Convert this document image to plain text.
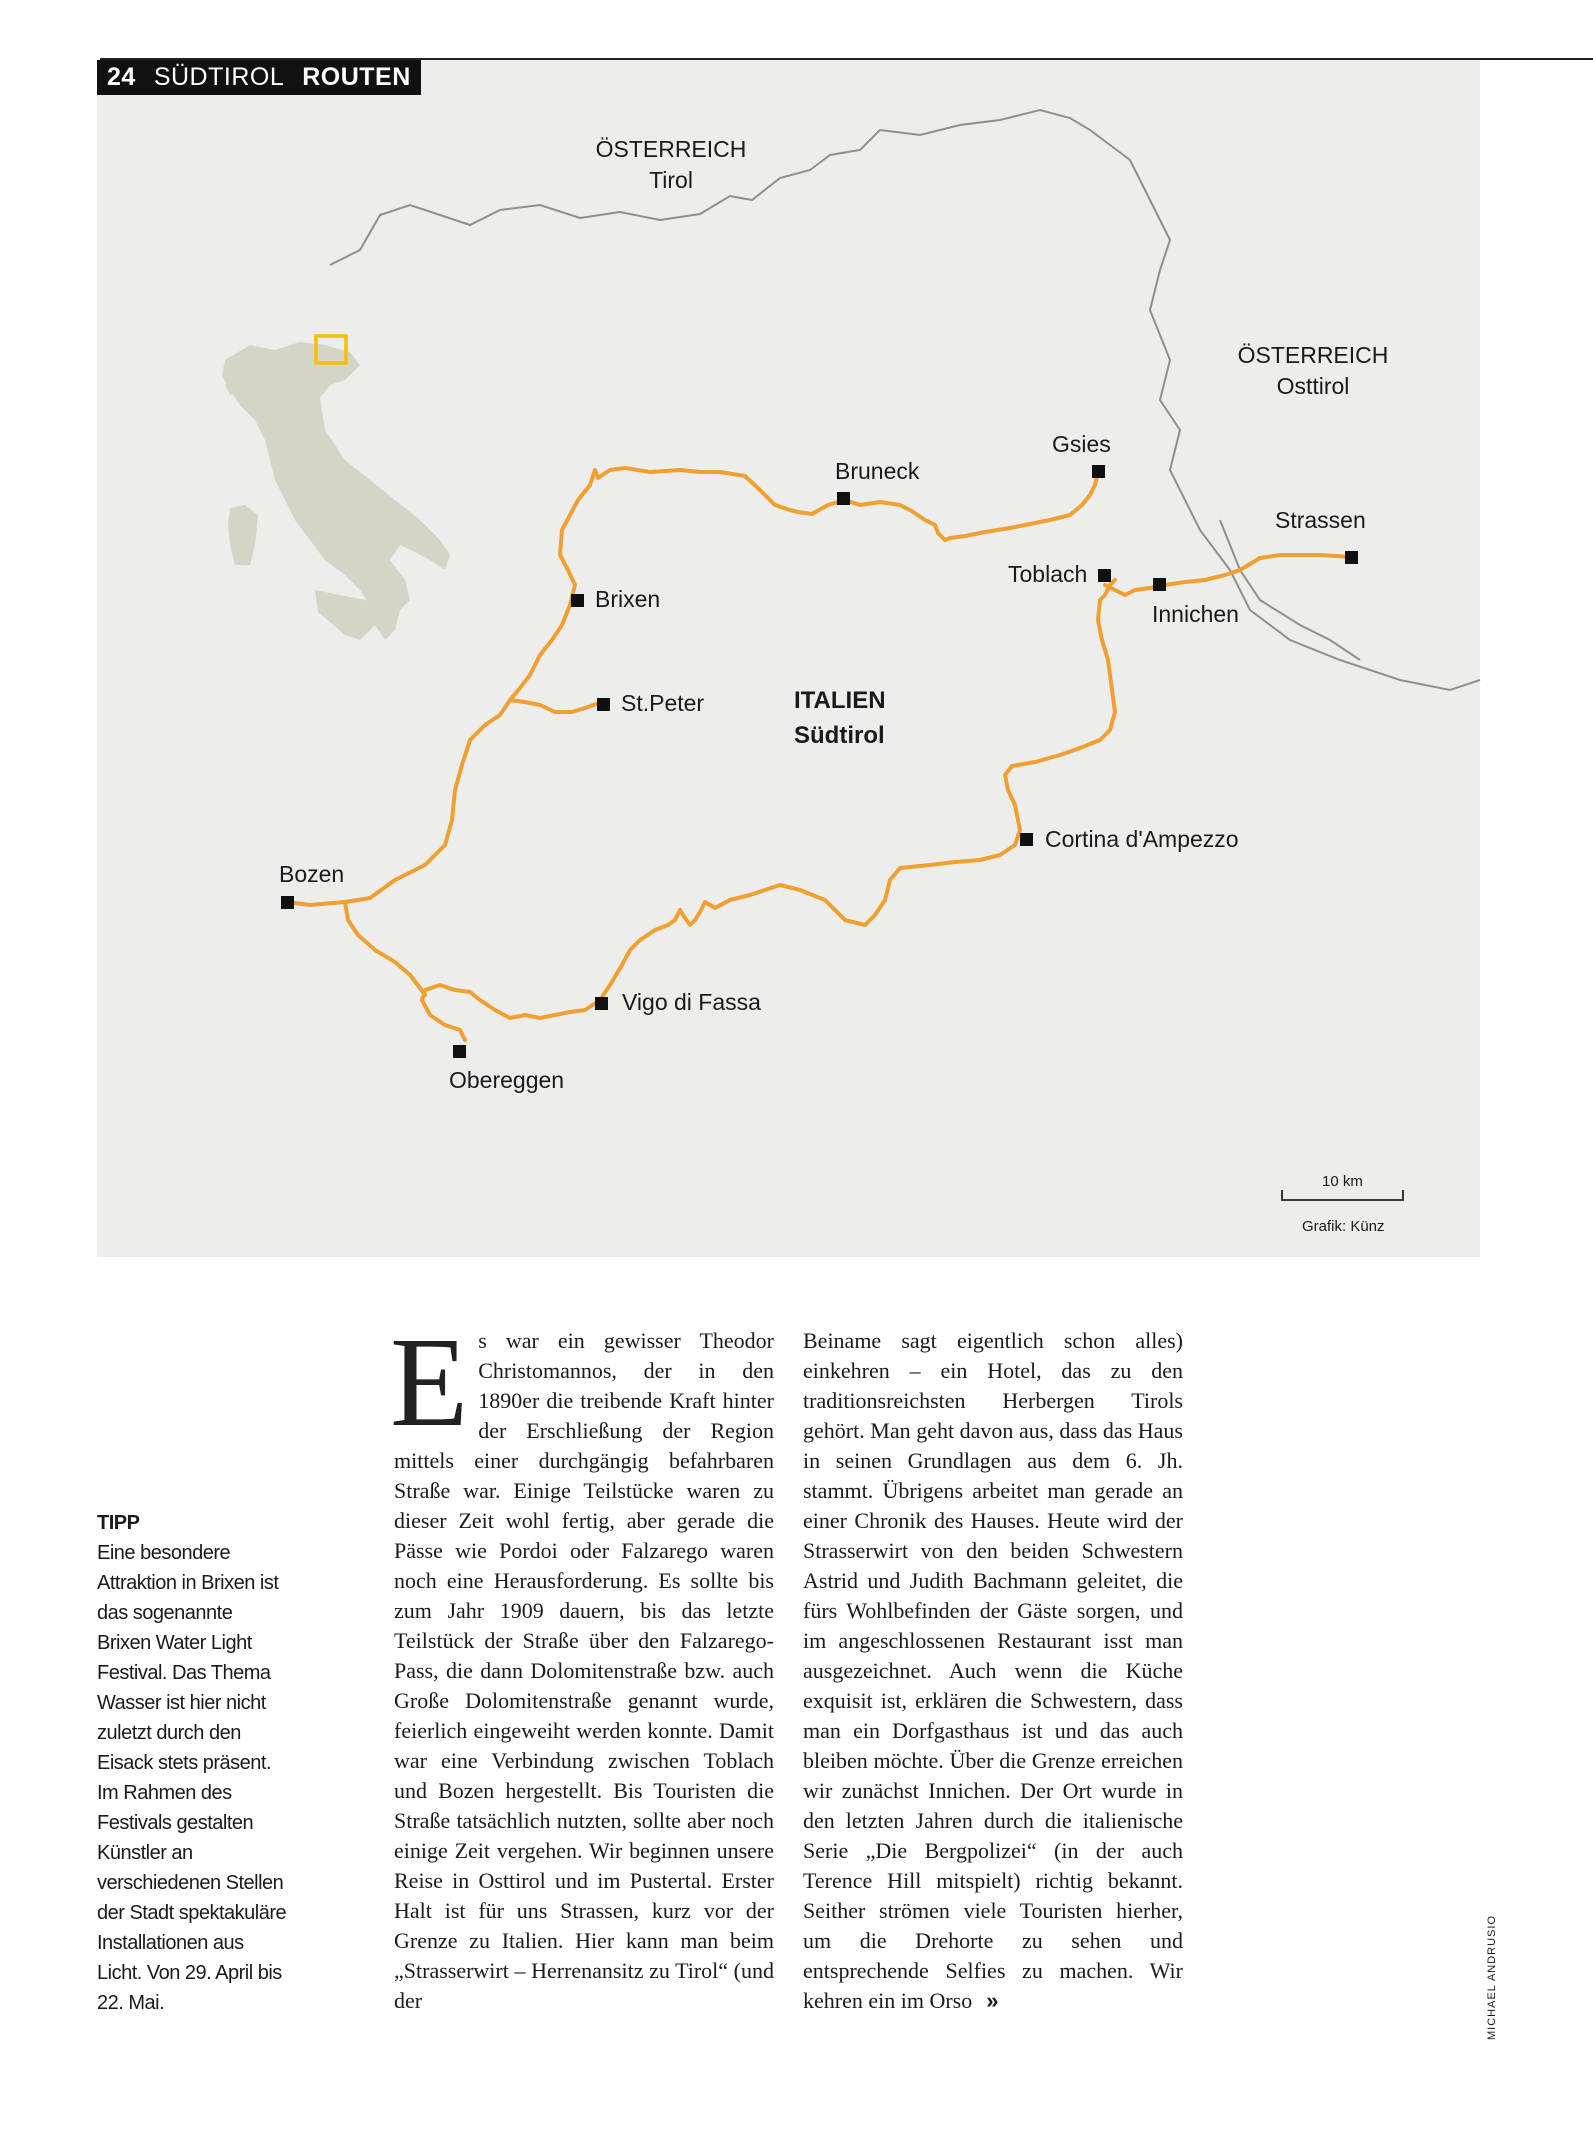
24 SÜDTIROL ROUTEN
ÖSTERREICH
Tirol
ÖSTERREICH
Osttirol
ITALIEN
Südtirol
Bruneck
Gsies
Strassen
Toblach
Innichen
Brixen
St.Peter
Cortina d'Ampezzo
Bozen
Vigo di Fassa
Obereggen
10 km
Grafik: Künz
TIPP
Eine besondere Attraktion in Brixen ist das sogenannte Brixen Water Light Festival. Das Thema Wasser ist hier nicht zuletzt durch den Eisack stets präsent. Im Rahmen des Festivals gestalten Künstler an verschiedenen Stellen der Stadt spektakuläre Installationen aus Licht. Von 29. April bis 22. Mai.
E s war ein gewisser Theodor Christomannos, der in den 1890er die treibende Kraft hinter der Erschließung der Region mittels einer durchgängig befahrbaren Straße war. Einige Teilstücke waren zu dieser Zeit wohl fertig, aber gerade die Pässe wie Pordoi oder Falzarego waren noch eine Herausforderung. Es sollte bis zum Jahr 1909 dauern, bis das letzte Teilstück der Straße über den Falzarego-Pass, die dann Dolomitenstraße bzw. auch Große Dolomitenstraße genannt wurde, feierlich eingeweiht werden konnte. Damit war eine Verbindung zwischen Toblach und Bozen hergestellt. Bis Touristen die Straße tatsächlich nutzten, sollte aber noch einige Zeit vergehen. Wir beginnen unsere Reise in Osttirol und im Pustertal. Erster Halt ist für uns Strassen, kurz vor der Grenze zu Italien. Hier kann man beim „Strasserwirt – Herrenansitz zu Tirol“ (und der
Beiname sagt eigentlich schon alles) einkehren – ein Hotel, das zu den traditionsreichsten Herbergen Tirols gehört. Man geht davon aus, dass das Haus in seinen Grundlagen aus dem 6. Jh. stammt. Übrigens arbeitet man gerade an einer Chronik des Hauses. Heute wird der Strasserwirt von den beiden Schwestern Astrid und Judith Bachmann geleitet, die fürs Wohlbefinden der Gäste sorgen, und im angeschlossenen Restaurant isst man ausgezeichnet. Auch wenn die Küche exquisit ist, erklären die Schwestern, dass man ein Dorfgasthaus ist und das auch bleiben möchte. Über die Grenze erreichen wir zunächst Innichen. Der Ort wurde in den letzten Jahren durch die italienische Serie „Die Bergpolizei“ (in der auch Terence Hill mitspielt) richtig bekannt. Seither strömen viele Touristen hierher, um die Drehorte zu sehen und entsprechende Selfies zu machen. Wir kehren ein im Orso »	MICHAEL ANDRUSIO
